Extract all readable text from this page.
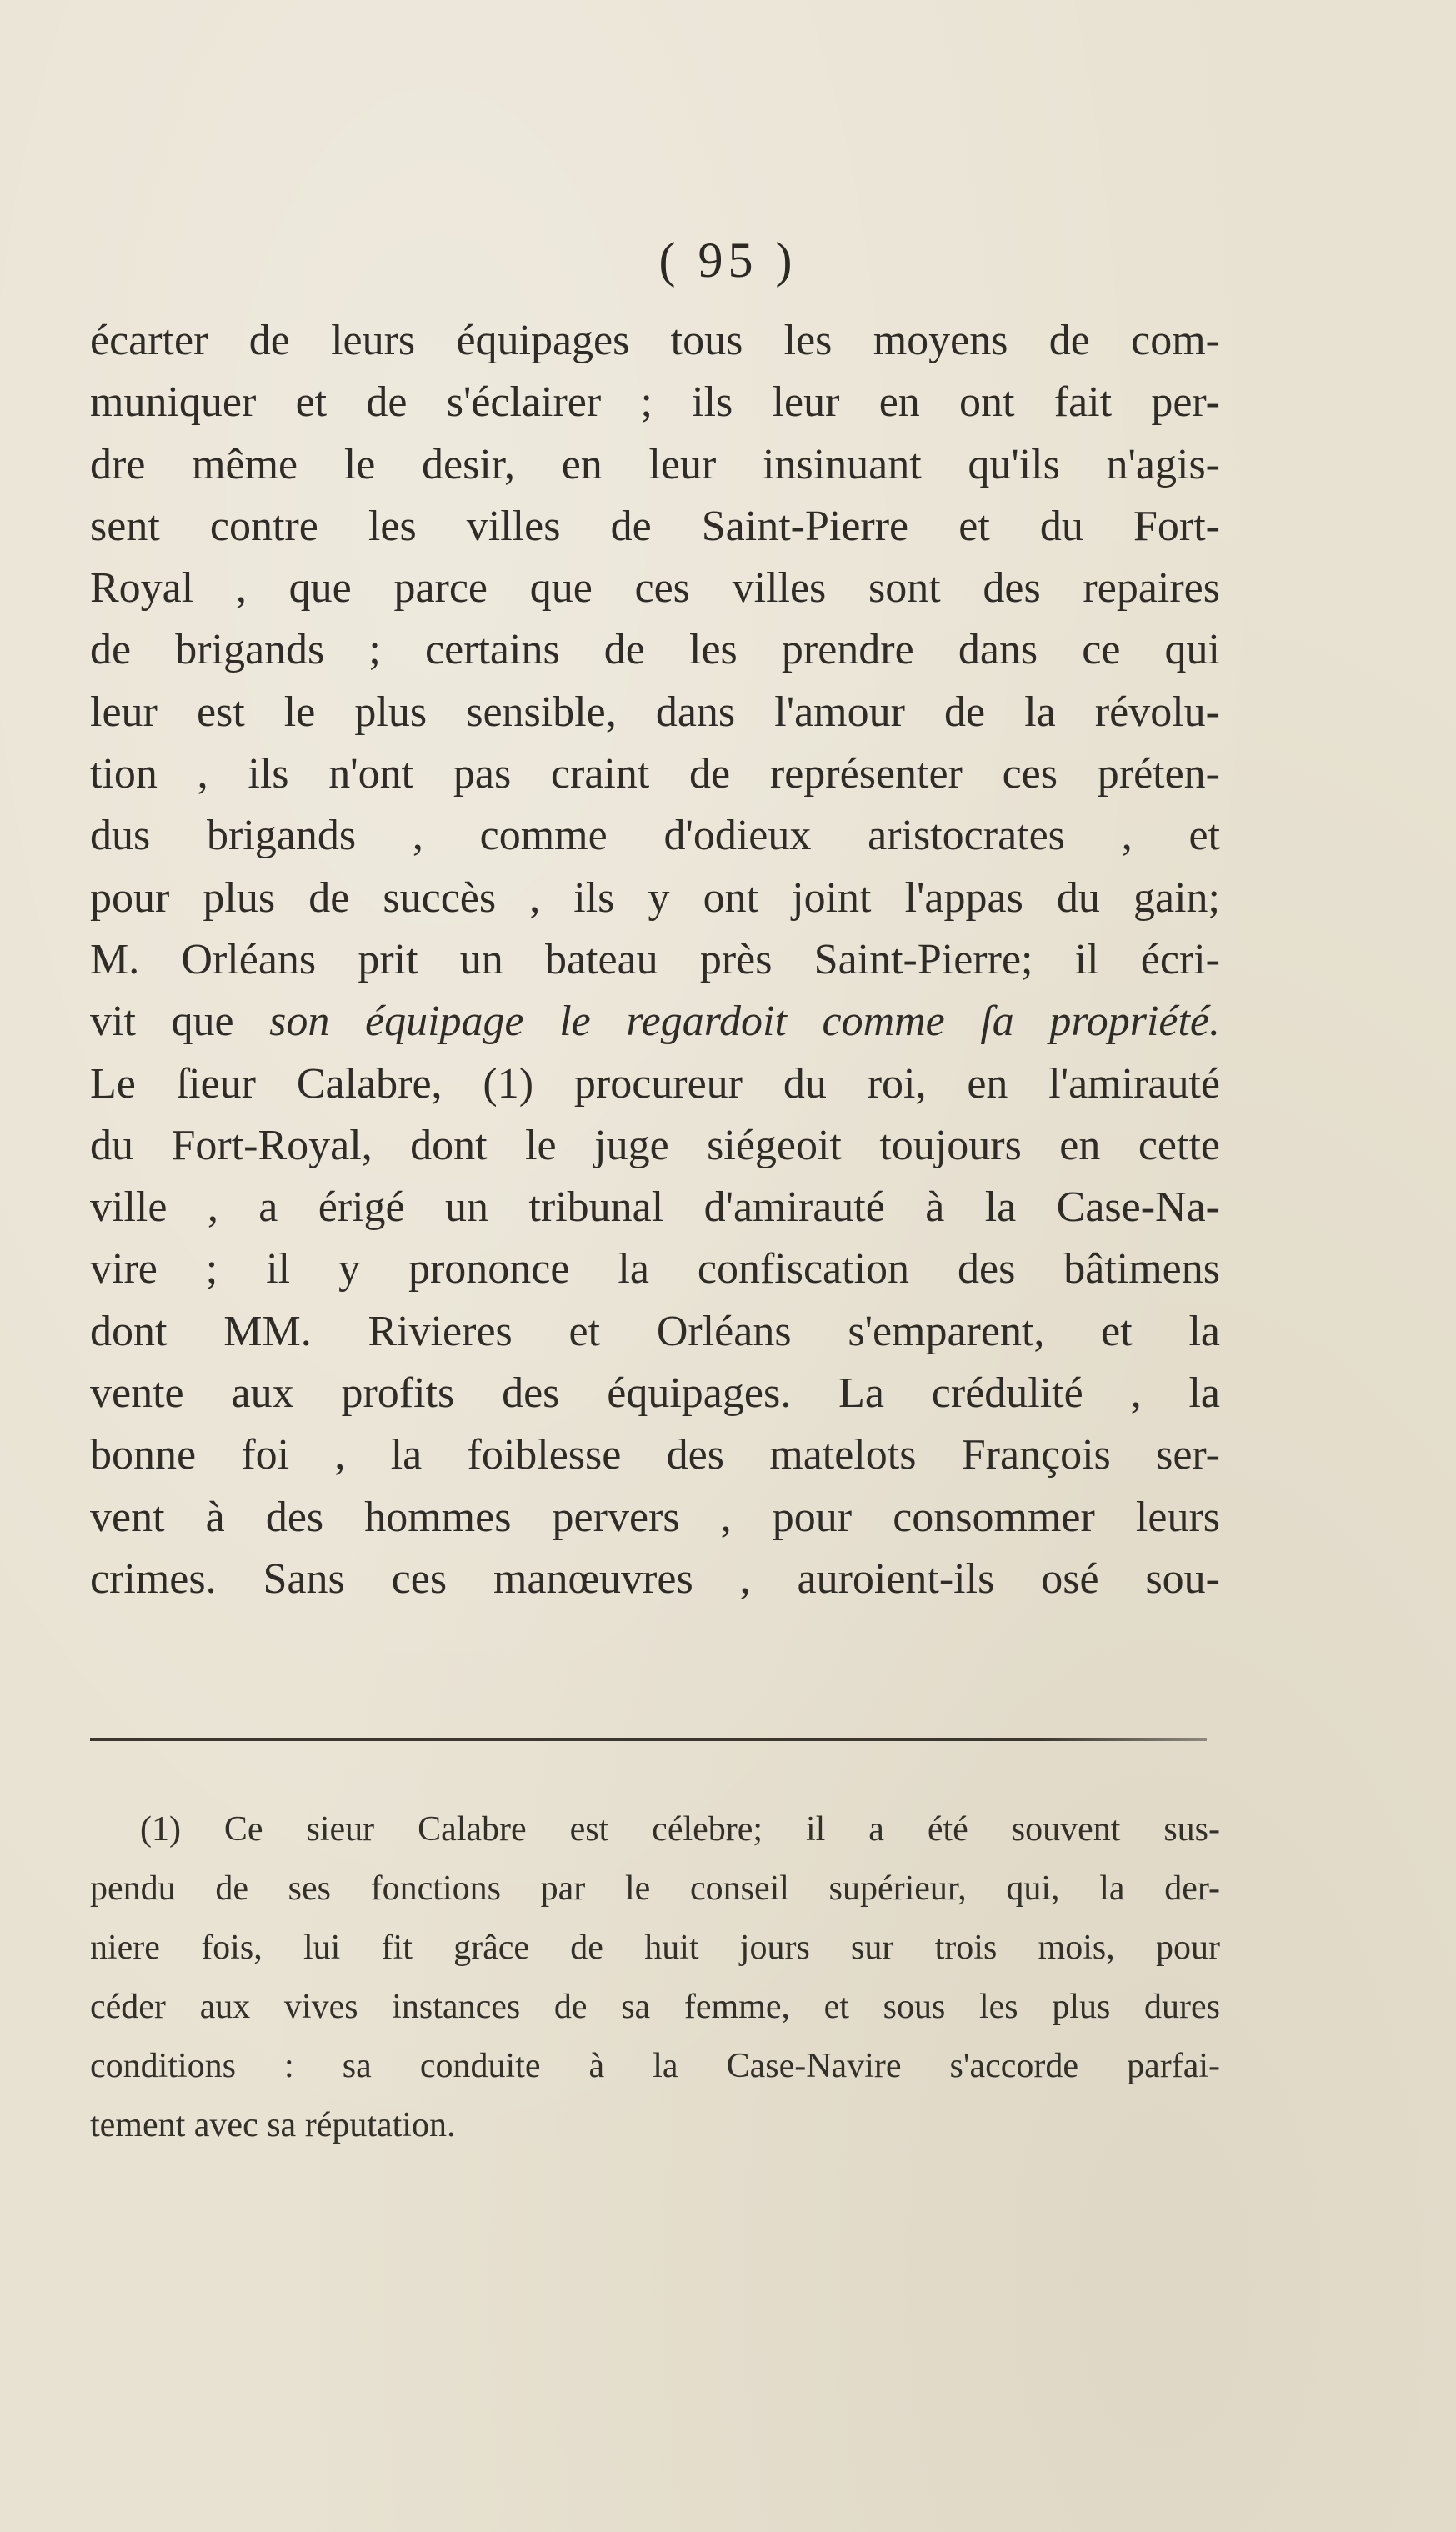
( 95 )
écarter de leurs équipages tous les moyens de com-
muniquer et de s'éclairer ; ils leur en ont fait per-
dre même le desir, en leur insinuant qu'ils n'agis-
sent contre les villes de Saint-Pierre et du Fort-
Royal , que parce que ces villes sont des repaires
de brigands ; certains de les prendre dans ce qui
leur est le plus sensible, dans l'amour de la révolu-
tion , ils n'ont pas craint de représenter ces préten-
dus brigands , comme d'odieux aristocrates , et
pour plus de succès , ils y ont joint l'appas du gain;
M. Orléans prit un bateau près Saint-Pierre; il écri-
vit que son équipage le regardoit comme ſa propriété.
Le ſieur Calabre, (1) procureur du roi, en l'amirauté
du Fort-Royal, dont le juge siégeoit toujours en cette
ville , a érigé un tribunal d'amirauté à la Case-Na-
vire ; il y prononce la confiscation des bâtimens
dont MM. Rivieres et Orléans s'emparent, et la
vente aux profits des équipages. La crédulité , la
bonne foi , la foiblesse des matelots François ser-
vent à des hommes pervers , pour consommer leurs
crimes. Sans ces manœuvres , auroient-ils osé sou-
(1) Ce sieur Calabre est célebre; il a été souvent sus-
pendu de ses fonctions par le conseil supérieur, qui, la der-
niere fois, lui fit grâce de huit jours sur trois mois, pour
céder aux vives instances de sa femme, et sous les plus dures
conditions : sa conduite à la Case-Navire s'accorde parfai-
tement avec sa réputation.
